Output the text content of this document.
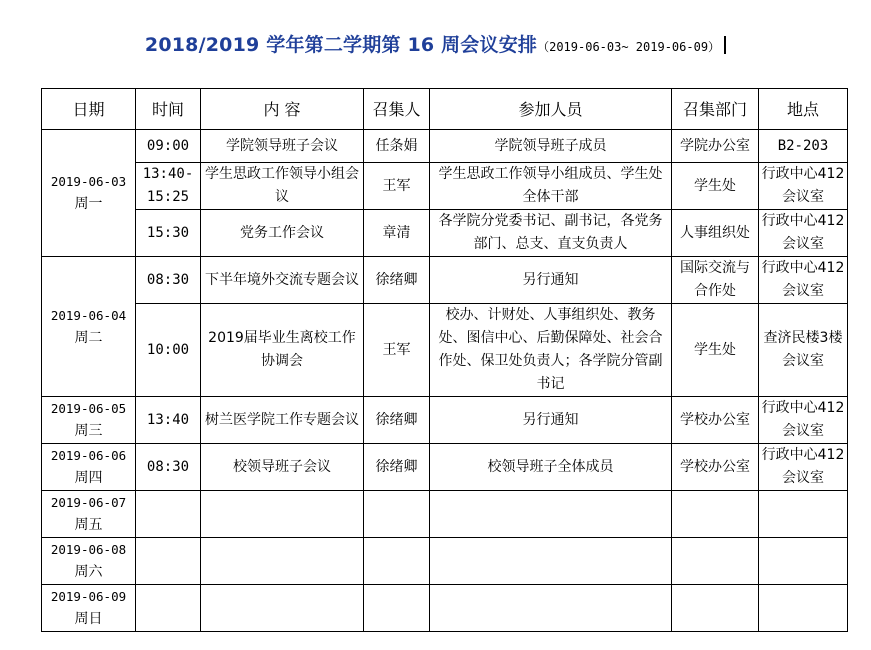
2018/2019 学年第二学期第 16 周会议安排（2019-06-03~ 2019-06-09）
日期	时间	内 容	召集人	参加人员	召集部门	地点

2019-06-03
周一	09:00	学院领导班子会议	任条娟	学院领导班子成员	学院办公室	B2-203
	13:40-15:25	学生思政工作领导小组会议	王军	学生思政工作领导小组成员、学生处全体干部	学生处	行政中心412会议室
	15:30	党务工作会议	章清	各学院分党委书记、副书记，各党务部门、总支、直支负责人	人事组织处	行政中心412会议室

2019-06-04
周二	08:30	下半年境外交流专题会议	徐绪卿	另行通知	国际交流与合作处	行政中心412会议室
	10:00	2019届毕业生离校工作协调会	王军	校办、计财处、人事组织处、教务处、图信中心、后勤保障处、社会合作处、保卫处负责人；各学院分管副书记	学生处	查济民楼3楼会议室

2019-06-05
周三	13:40	树兰医学院工作专题会议	徐绪卿	另行通知	学校办公室	行政中心412会议室

2019-06-06
周四	08:30	校领导班子会议	徐绪卿	校领导班子全体成员	学校办公室	行政中心412会议室

2019-06-07
周五						

2019-06-08
周六						

2019-06-09
周日						
